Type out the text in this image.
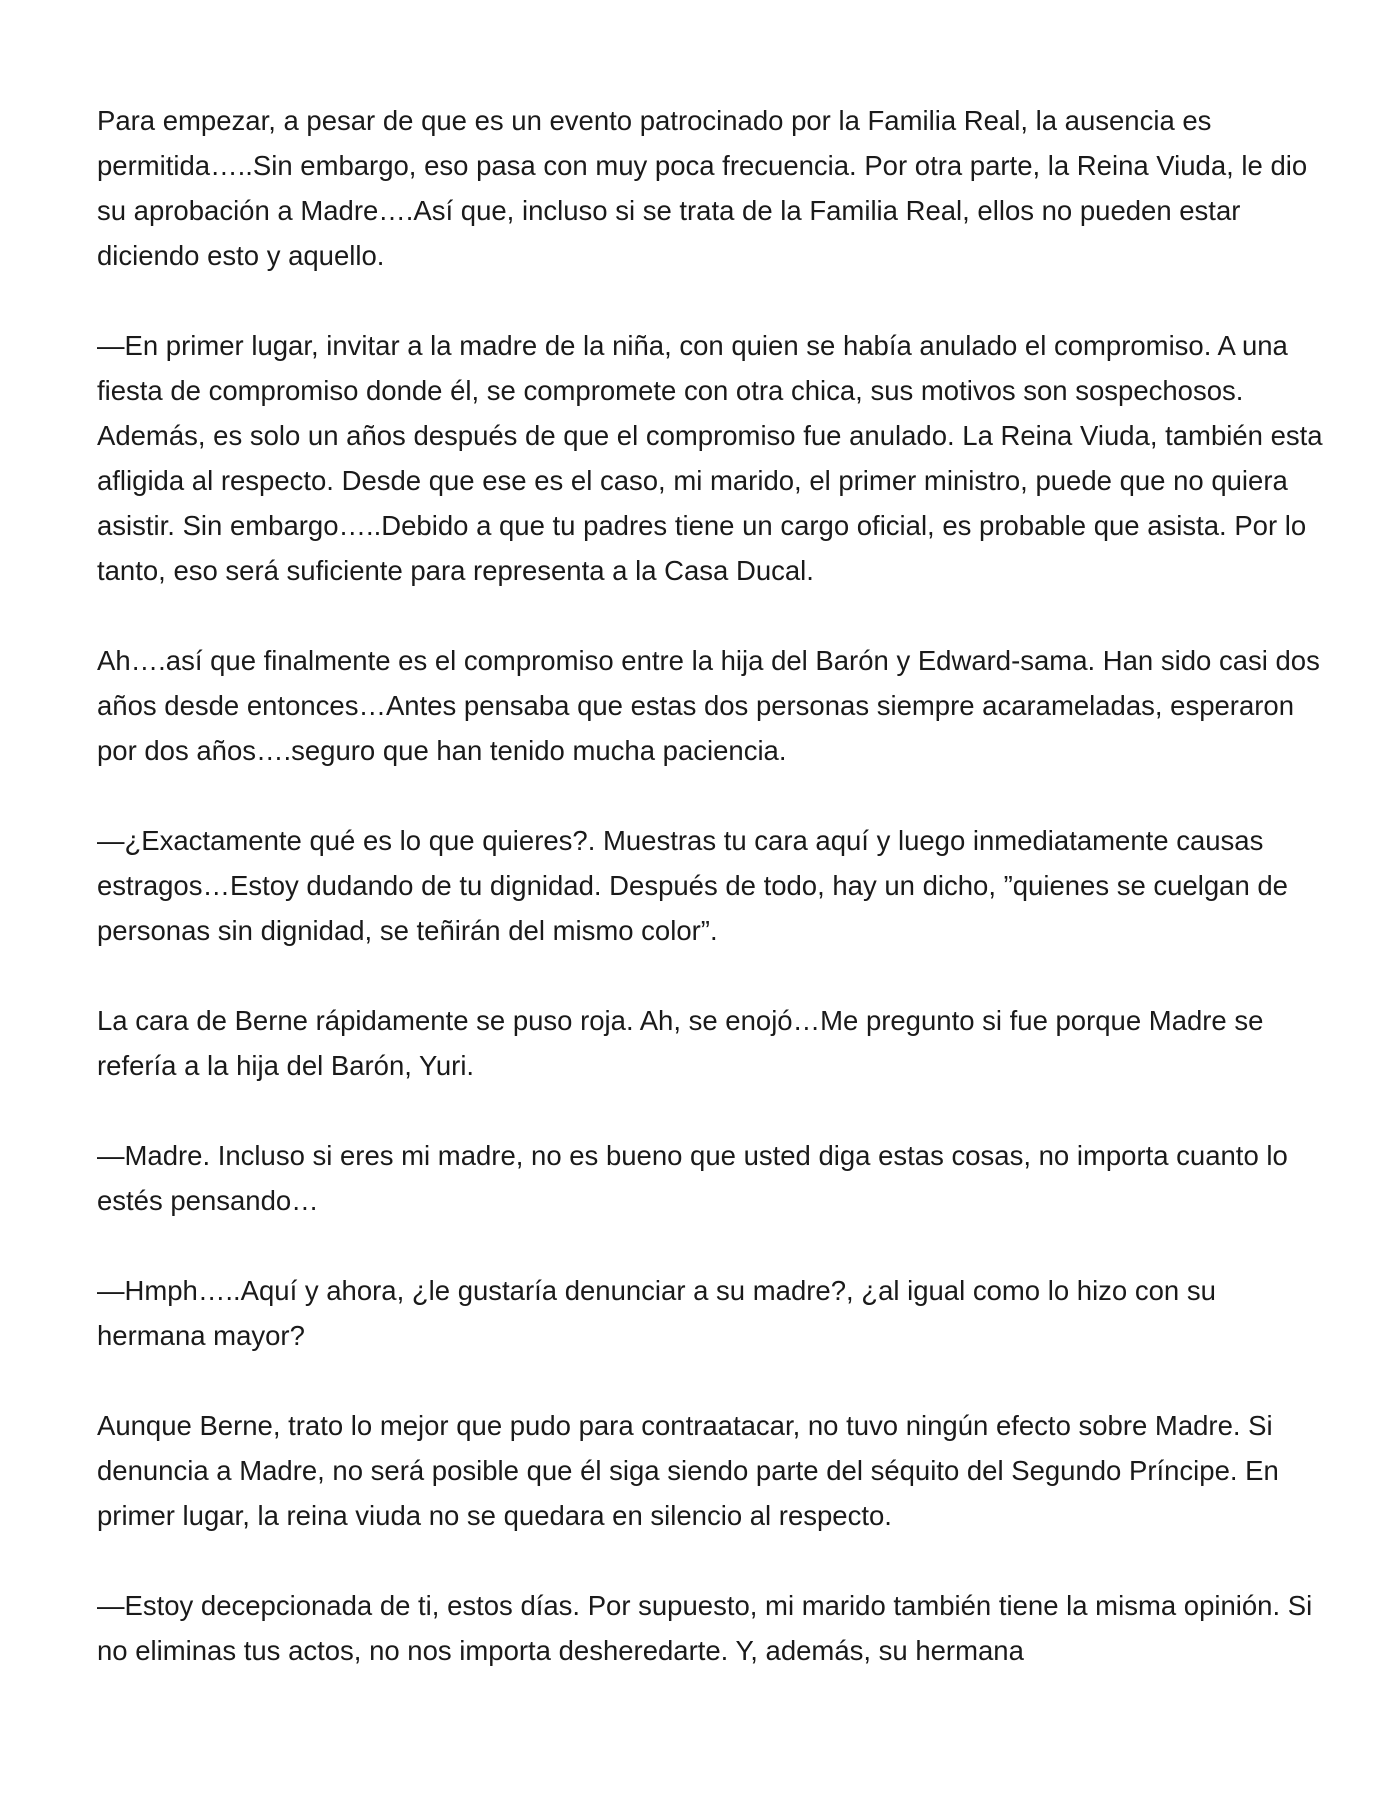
Para empezar, a pesar de que es un evento patrocinado por la Familia Real, la ausencia es permitida…..Sin embargo, eso pasa con muy poca frecuencia. Por otra parte, la Reina Viuda, le dio su aprobación a Madre….Así que, incluso si se trata de la Familia Real, ellos no pueden estar diciendo esto y aquello.

—En primer lugar, invitar a la madre de la niña, con quien se había anulado el compromiso. A una fiesta de compromiso donde él, se compromete con otra chica, sus motivos son sospechosos. Además, es solo un años después de que el compromiso fue anulado. La Reina Viuda, también esta afligida al respecto. Desde que ese es el caso, mi marido, el primer ministro, puede que no quiera asistir. Sin embargo…..Debido a que tu padres tiene un cargo oficial, es probable que asista. Por lo tanto, eso será suficiente para representa a la Casa Ducal.

Ah….así que finalmente es el compromiso entre la hija del Barón y Edward-sama. Han sido casi dos años desde entonces…Antes pensaba que estas dos personas siempre acarameladas, esperaron por dos años….seguro que han tenido mucha paciencia.

—¿Exactamente qué es lo que quieres?. Muestras tu cara aquí y luego inmediatamente causas estragos…Estoy dudando de tu dignidad. Después de todo, hay un dicho, ”quienes se cuelgan de personas sin dignidad, se teñirán del mismo color”.

La cara de Berne rápidamente se puso roja. Ah, se enojó…Me pregunto si fue porque Madre se refería a la hija del Barón, Yuri.

—Madre. Incluso si eres mi madre, no es bueno que usted diga estas cosas, no importa cuanto lo estés pensando…

—Hmph…..Aquí y ahora, ¿le gustaría denunciar a su madre?, ¿al igual como lo hizo con su hermana mayor?

Aunque Berne, trato lo mejor que pudo para contraatacar, no tuvo ningún efecto sobre Madre. Si denuncia a Madre, no será posible que él siga siendo parte del séquito del Segundo Príncipe. En primer lugar, la reina viuda no se quedara en silencio al respecto.

—Estoy decepcionada de ti, estos días. Por supuesto, mi marido también tiene la misma opinión. Si no eliminas tus actos, no nos importa desheredarte. Y, además, su hermana
